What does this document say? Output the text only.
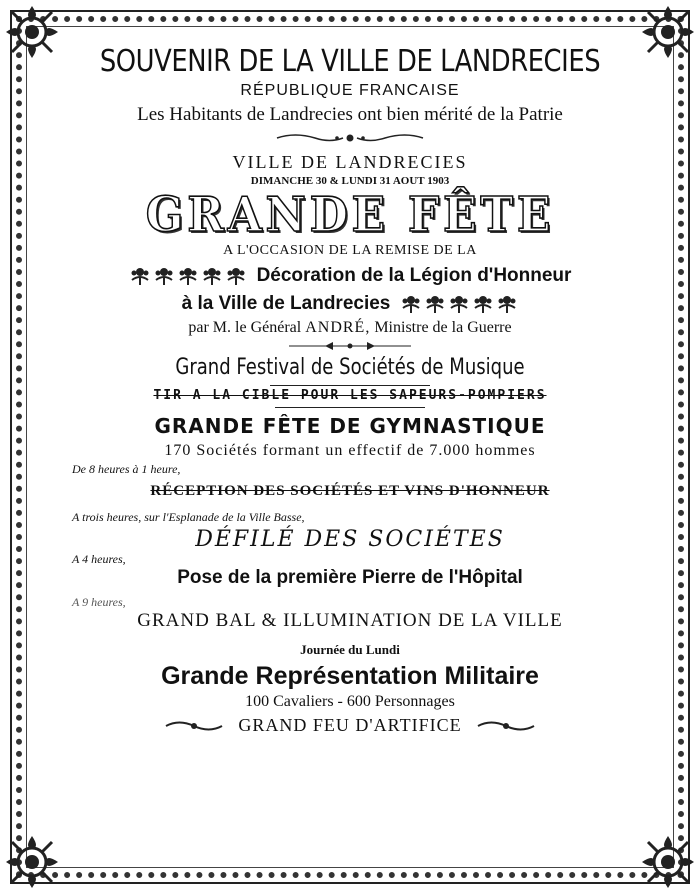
SOUVENIR DE LA VILLE DE LANDRECIES
RÉPUBLIQUE FRANCAISE
Les Habitants de Landrecies ont bien mérité de la Patrie
VILLE DE LANDRECIES
DIMANCHE 30 & LUNDI 31 AOUT 1903
GRANDE FÊTE
A L'OCCASION DE LA REMISE DE LA
Décoration de la Légion d'Honneur
à la Ville de Landrecies
par M. le Général ANDRÉ, Ministre de la Guerre
Grand Festival de Sociétés de Musique
TIR A LA CIBLE POUR LES SAPEURS-POMPIERS
GRANDE FÊTE DE GYMNASTIQUE
170 Sociétés formant un effectif de 7.000 hommes
De 8 heures à 1 heure,
RÉCEPTION DES SOCIÉTÉS ET VINS D'HONNEUR
A trois heures, sur l'Esplanade de la Ville Basse,
DÉFILÉ DES SOCIÉTES
A 4 heures,
Pose de la première Pierre de l'Hôpital
A 9 heures,
GRAND BAL & ILLUMINATION DE LA VILLE
Journée du Lundi
Grande Représentation Militaire
100 Cavaliers - 600 Personnages
GRAND FEU D'ARTIFICE
